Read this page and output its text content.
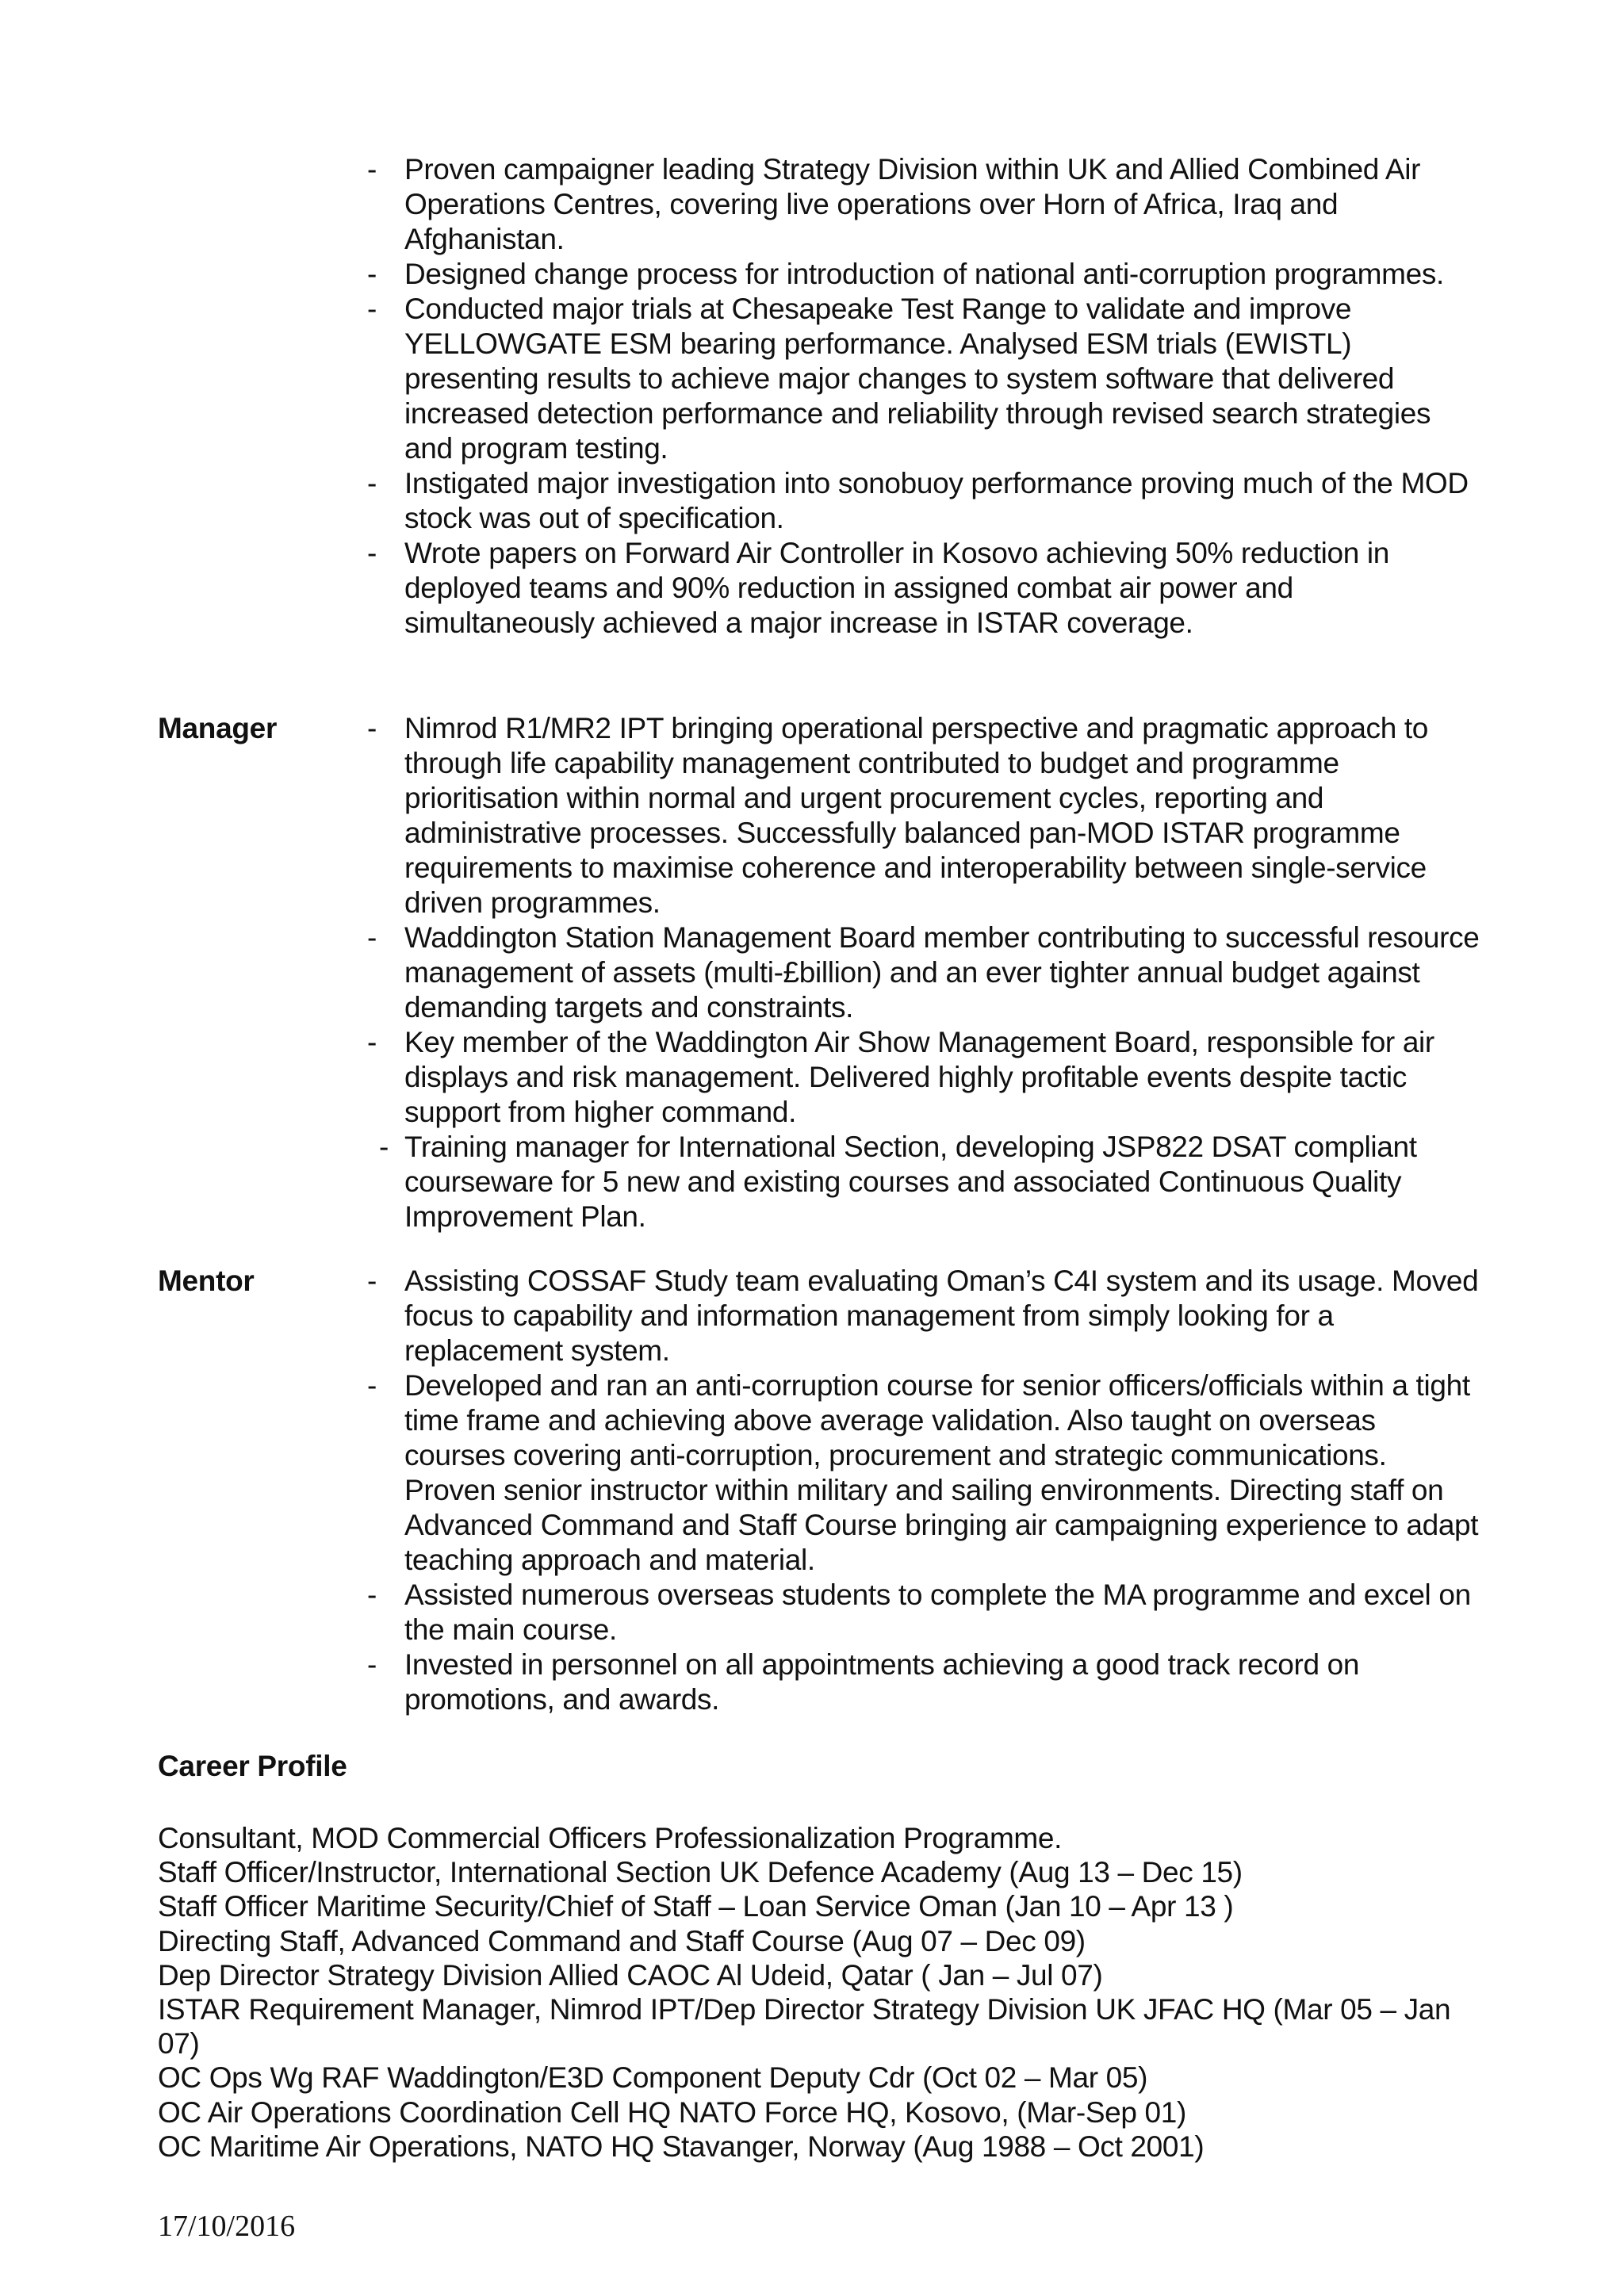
- Proven campaigner leading Strategy Division within UK and Allied Combined Air Operations Centres, covering live operations over Horn of Africa, Iraq and Afghanistan.
- Designed change process for introduction of national anti-corruption programmes.
- Conducted major trials at Chesapeake Test Range to validate and improve YELLOWGATE ESM bearing performance. Analysed ESM trials (EWISTL) presenting results to achieve major changes to system software that delivered increased detection performance and reliability through revised search strategies and program testing.
- Instigated major investigation into sonobuoy performance proving much of the MOD stock was out of specification.
- Wrote papers on Forward Air Controller in Kosovo achieving 50% reduction in deployed teams and 90% reduction in assigned combat air power and simultaneously achieved a major increase in ISTAR coverage.
Manager	- Nimrod R1/MR2 IPT bringing operational perspective and pragmatic approach to through life capability management contributed to budget and programme prioritisation within normal and urgent procurement cycles, reporting and administrative processes. Successfully balanced pan-MOD ISTAR programme requirements to maximise coherence and interoperability between single-service driven programmes.
- Waddington Station Management Board member contributing to successful resource management of assets (multi-£billion) and an ever tighter annual budget against demanding targets and constraints.
- Key member of the Waddington Air Show Management Board, responsible for air displays and risk management. Delivered highly profitable events despite tactic support from higher command.
- Training manager for International Section, developing JSP822 DSAT compliant courseware for 5 new and existing courses and associated Continuous Quality Improvement Plan.
Mentor	- Assisting COSSAF Study team evaluating Oman’s C4I system and its usage. Moved focus to capability and information management from simply looking for a replacement system.
- Developed and ran an anti-corruption course for senior officers/officials within a tight time frame and achieving above average validation. Also taught on overseas courses covering anti-corruption, procurement and strategic communications. Proven senior instructor within military and sailing environments. Directing staff on Advanced Command and Staff Course bringing air campaigning experience to adapt teaching approach and material.
- Assisted numerous overseas students to complete the MA programme and excel on the main course.
- Invested in personnel on all appointments achieving a good track record on promotions, and awards.
Career Profile
Consultant, MOD Commercial Officers Professionalization Programme.
Staff Officer/Instructor, International Section UK Defence Academy (Aug 13 – Dec 15)
Staff Officer Maritime Security/Chief of Staff – Loan Service Oman (Jan 10 – Apr 13 )
Directing Staff, Advanced Command and Staff Course (Aug 07 – Dec 09)
Dep Director Strategy Division Allied CAOC Al Udeid, Qatar ( Jan – Jul 07)
ISTAR Requirement Manager, Nimrod IPT/Dep Director Strategy Division UK JFAC HQ (Mar 05 – Jan 07)
OC Ops Wg RAF Waddington/E3D Component Deputy Cdr (Oct 02 – Mar 05)
OC Air Operations Coordination Cell HQ NATO Force HQ, Kosovo, (Mar-Sep 01)
OC Maritime Air Operations, NATO HQ Stavanger, Norway (Aug 1988 – Oct 2001)
17/10/2016
